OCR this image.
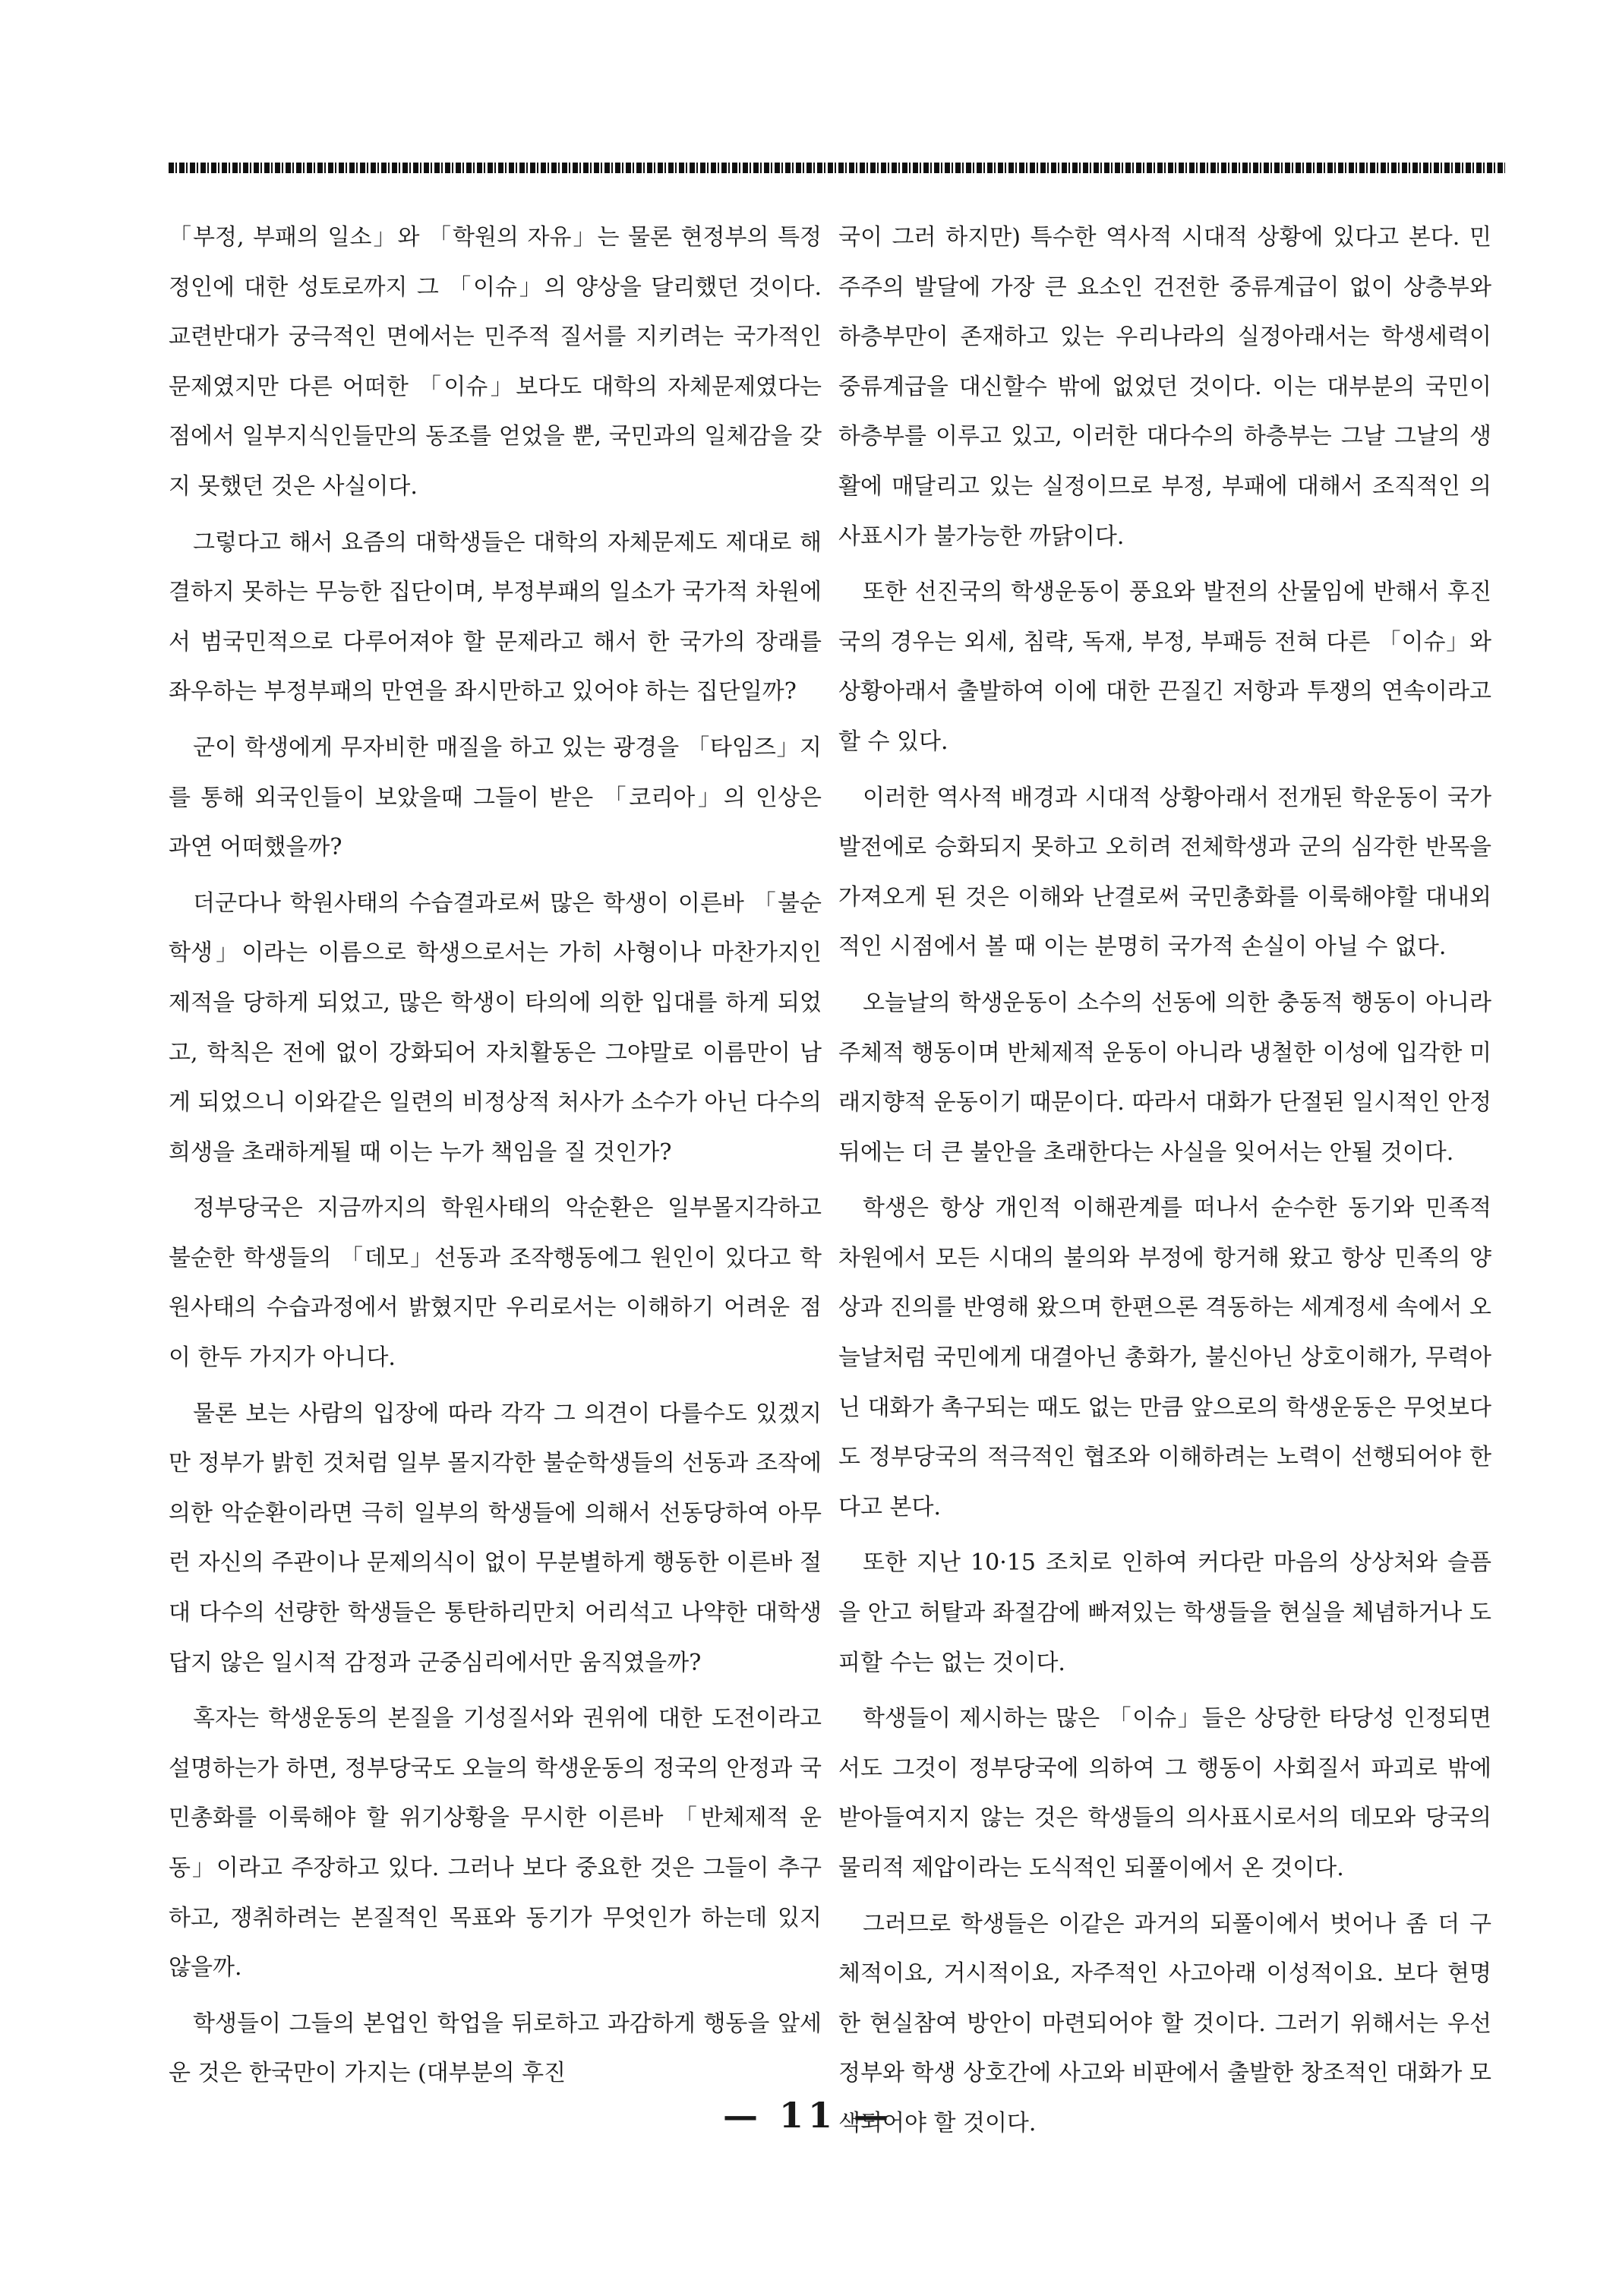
「부정, 부패의 일소」와 「학원의 자유」는 물론 현정부의 특정정인에 대한 성토로까지 그 「이슈」의 양상을 달리했던 것이다. 교련반대가 궁극적인 면에서는 민주적 질서를 지키려는 국가적인 문제였지만 다른 어떠한 「이슈」보다도 대학의 자체문제였다는 점에서 일부지식인들만의 동조를 얻었을 뿐, 국민과의 일체감을 갖지 못했던 것은 사실이다.

그렇다고 해서 요즘의 대학생들은 대학의 자체문제도 제대로 해결하지 못하는 무능한 집단이며, 부정부패의 일소가 국가적 차원에서 범국민적으로 다루어져야 할 문제라고 해서 한 국가의 장래를 좌우하는 부정부패의 만연을 좌시만하고 있어야 하는 집단일까?

군이 학생에게 무자비한 매질을 하고 있는 광경을 「타임즈」지를 통해 외국인들이 보았을때 그들이 받은 「코리아」의 인상은 과연 어떠했을까?

더군다나 학원사태의 수습결과로써 많은 학생이 이른바 「불순학생」이라는 이름으로 학생으로서는 가히 사형이나 마찬가지인 제적을 당하게 되었고, 많은 학생이 타의에 의한 입대를 하게 되었고, 학칙은 전에 없이 강화되어 자치활동은 그야말로 이름만이 남게 되었으니 이와같은 일련의 비정상적 처사가 소수가 아닌 다수의 희생을 초래하게될 때 이는 누가 책임을 질 것인가?

정부당국은 지금까지의 학원사태의 악순환은 일부몰지각하고 불순한 학생들의 「데모」선동과 조작행동에그 원인이 있다고 학원사태의 수습과정에서 밝혔지만 우리로서는 이해하기 어려운 점이 한두 가지가 아니다.

물론 보는 사람의 입장에 따라 각각 그 의견이 다를수도 있겠지만 정부가 밝힌 것처럼 일부 몰지각한 불순학생들의 선동과 조작에 의한 악순환이라면 극히 일부의 학생들에 의해서 선동당하여 아무런 자신의 주관이나 문제의식이 없이 무분별하게 행동한 이른바 절대 다수의 선량한 학생들은 통탄하리만치 어리석고 나약한 대학생답지 않은 일시적 감정과 군중심리에서만 움직였을까?

혹자는 학생운동의 본질을 기성질서와 권위에 대한 도전이라고 설명하는가 하면, 정부당국도 오늘의 학생운동의 정국의 안정과 국민총화를 이룩해야 할 위기상황을 무시한 이른바 「반체제적 운동」이라고 주장하고 있다. 그러나 보다 중요한 것은 그들이 추구하고, 쟁취하려는 본질적인 목표와 동기가 무엇인가 하는데 있지 않을까.

학생들이 그들의 본업인 학업을 뒤로하고 과감하게 행동을 앞세운 것은 한국만이 가지는 (대부분의 후진

국이 그러 하지만) 특수한 역사적 시대적 상황에 있다고 본다. 민주주의 발달에 가장 큰 요소인 건전한 중류계급이 없이 상층부와 하층부만이 존재하고 있는 우리나라의 실정아래서는 학생세력이 중류계급을 대신할수 밖에 없었던 것이다. 이는 대부분의 국민이 하층부를 이루고 있고, 이러한 대다수의 하층부는 그날 그날의 생활에 매달리고 있는 실정이므로 부정, 부패에 대해서 조직적인 의사표시가 불가능한 까닭이다.

또한 선진국의 학생운동이 풍요와 발전의 산물임에 반해서 후진국의 경우는 외세, 침략, 독재, 부정, 부패등 전혀 다른 「이슈」와 상황아래서 출발하여 이에 대한 끈질긴 저항과 투쟁의 연속이라고 할 수 있다.

이러한 역사적 배경과 시대적 상황아래서 전개된 학운동이 국가발전에로 승화되지 못하고 오히려 전체학생과 군의 심각한 반목을 가져오게 된 것은 이해와 난결로써 국민총화를 이룩해야할 대내외적인 시점에서 볼 때 이는 분명히 국가적 손실이 아닐 수 없다.

오늘날의 학생운동이 소수의 선동에 의한 충동적 행동이 아니라 주체적 행동이며 반체제적 운동이 아니라 냉철한 이성에 입각한 미래지향적 운동이기 때문이다. 따라서 대화가 단절된 일시적인 안정 뒤에는 더 큰 불안을 초래한다는 사실을 잊어서는 안될 것이다.

학생은 항상 개인적 이해관계를 떠나서 순수한 동기와 민족적 차원에서 모든 시대의 불의와 부정에 항거해 왔고 항상 민족의 양상과 진의를 반영해 왔으며 한편으론 격동하는 세계정세 속에서 오늘날처럼 국민에게 대결아닌 총화가, 불신아닌 상호이해가, 무력아닌 대화가 촉구되는 때도 없는 만큼 앞으로의 학생운동은 무엇보다도 정부당국의 적극적인 협조와 이해하려는 노력이 선행되어야 한다고 본다.

또한 지난 10·15 조치로 인하여 커다란 마음의 상상처와 슬픔을 안고 허탈과 좌절감에 빠져있는 학생들을 현실을 체념하거나 도피할 수는 없는 것이다.

학생들이 제시하는 많은 「이슈」들은 상당한 타당성 인정되면서도 그것이 정부당국에 의하여 그 행동이 사회질서 파괴로 밖에 받아들여지지 않는 것은 학생들의 의사표시로서의 데모와 당국의 물리적 제압이라는 도식적인 되풀이에서 온 것이다.

그러므로 학생들은 이같은 과거의 되풀이에서 벗어나 좀 더 구체적이요, 거시적이요, 자주적인 사고아래 이성적이요. 보다 현명한 현실참여 방안이 마련되어야 할 것이다. 그러기 위해서는 우선 정부와 학생 상호간에 사고와 비판에서 출발한 창조적인 대화가 모색되어야 할 것이다.

— 11 —
